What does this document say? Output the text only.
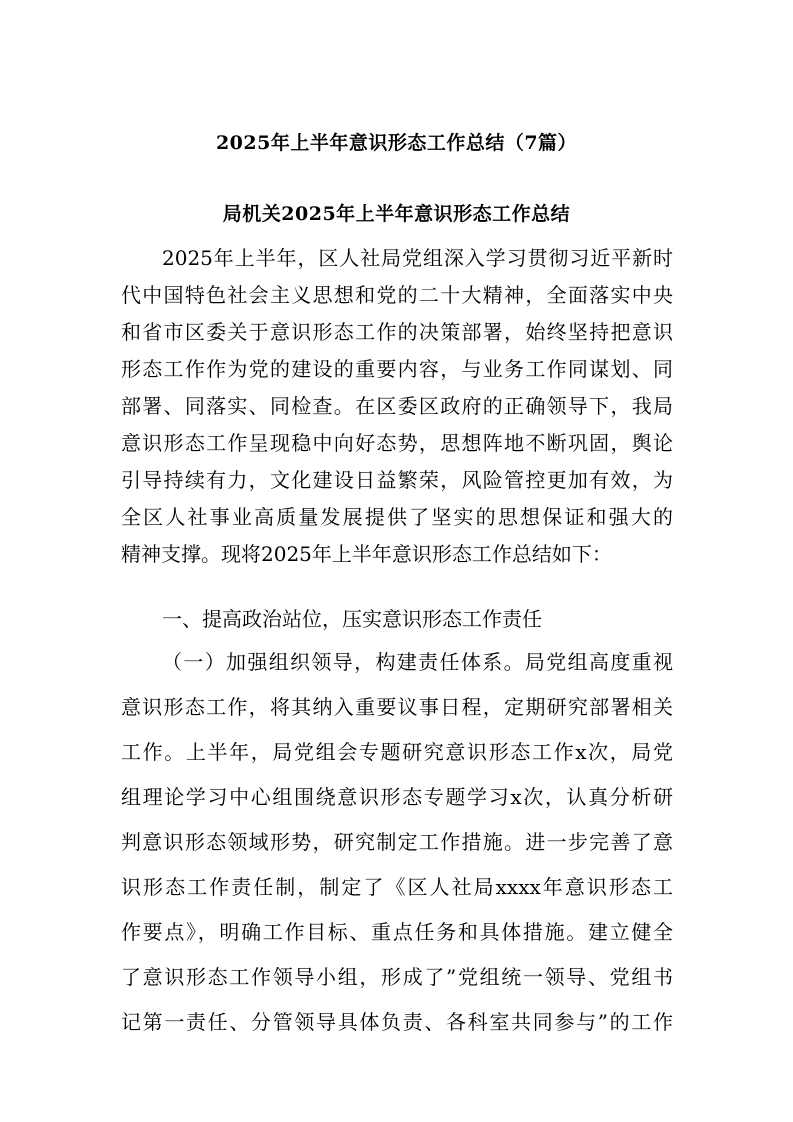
2025年上半年意识形态工作总结（7篇）
局机关2025年上半年意识形态工作总结
2025年上半年，区人社局党组深入学习贯彻习近平新时
代中国特色社会主义思想和党的二十大精神，全面落实中央
和省市区委关于意识形态工作的决策部署，始终坚持把意识
形态工作作为党的建设的重要内容，与业务工作同谋划、同
部署、同落实、同检查。在区委区政府的正确领导下，我局
意识形态工作呈现稳中向好态势，思想阵地不断巩固，舆论
引导持续有力，文化建设日益繁荣，风险管控更加有效，为
全区人社事业高质量发展提供了坚实的思想保证和强大的
精神支撑。现将2025年上半年意识形态工作总结如下：
一、提高政治站位，压实意识形态工作责任
（一）加强组织领导，构建责任体系。局党组高度重视
意识形态工作，将其纳入重要议事日程，定期研究部署相关
工作。上半年，局党组会专题研究意识形态工作x次，局党
组理论学习中心组围绕意识形态专题学习x次，认真分析研
判意识形态领域形势，研究制定工作措施。进一步完善了意
识形态工作责任制，制定了《区人社局xxxx年意识形态工
作要点》，明确工作目标、重点任务和具体措施。建立健全
了意识形态工作领导小组，形成了”党组统一领导、党组书
记第一责任、分管领导具体负责、各科室共同参与”的工作
